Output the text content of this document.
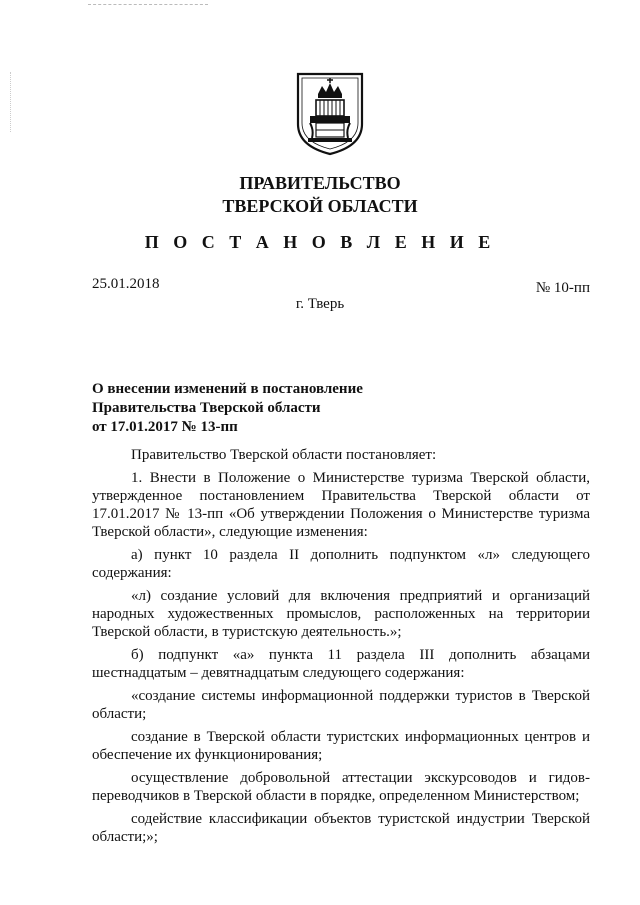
ПРАВИТЕЛЬСТВО
ТВЕРСКОЙ ОБЛАСТИ
П О С Т А Н О В Л Е Н И Е
25.01.2018	№ 10-пп
г. Тверь
О внесении изменений в постановление
Правительства Тверской области
от 17.01.2017 № 13-пп

Правительство Тверской области постановляет:

1. Внести в Положение о Министерстве туризма Тверской области, утвержденное постановлением Правительства Тверской области от 17.01.2017 № 13-пп «Об утверждении Положения о Министерстве туризма Тверской области», следующие изменения:

а) пункт 10 раздела II дополнить подпунктом «л» следующего содержания:

«л) создание условий для включения предприятий и организаций народных художественных промыслов, расположенных на территории Тверской области, в туристскую деятельность.»;

б) подпункт «а» пункта 11 раздела III дополнить абзацами шестнадцатым – девятнадцатым следующего содержания:

«создание системы информационной поддержки туристов в Тверской области;

создание в Тверской области туристских информационных центров и обеспечение их функционирования;

осуществление добровольной аттестации экскурсоводов и гидов-переводчиков в Тверской области в порядке, определенном Министерством;

содействие классификации объектов туристской индустрии Тверской области;»;
